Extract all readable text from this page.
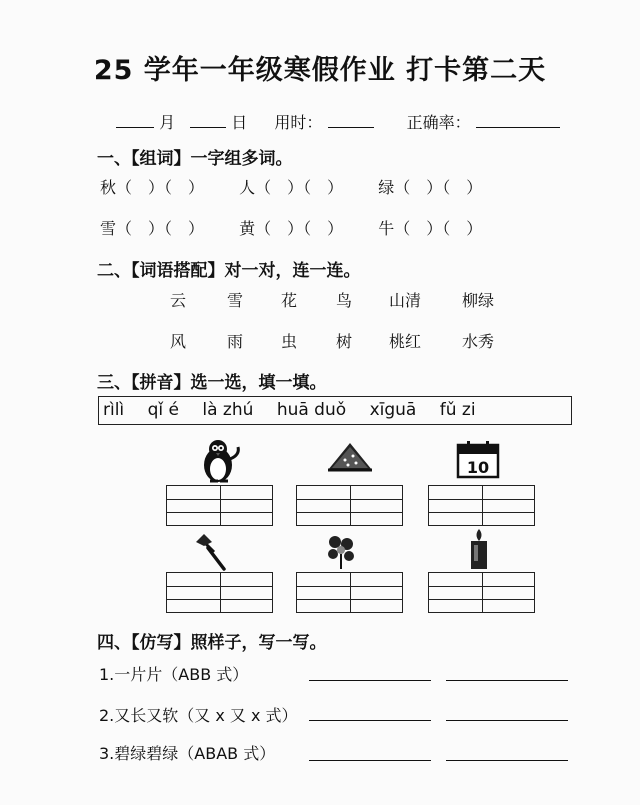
25 学年一年级寒假作业 打卡第二天
月	日 用时：	正确率：
一、【组词】一字组多词。
秋（　）（　） 人（　）（　） 绿（　）（　）
雪（　）（　） 黄（　）（　） 牛（　）（　）
二、【词语搭配】对一对，连一连。
云	雪 花 鸟 山清	柳绿
风	雨 虫 树 桃红	水秀
三、【拼音】选一选，填一填。
rìlì qǐ é là zhú huā duǒ xīguā fǔ zi
10
四、【仿写】照样子，写一写。
1.一片片（ABB 式）
2.又长又软（又 x 又 x 式）
3.碧绿碧绿（ABAB 式）
